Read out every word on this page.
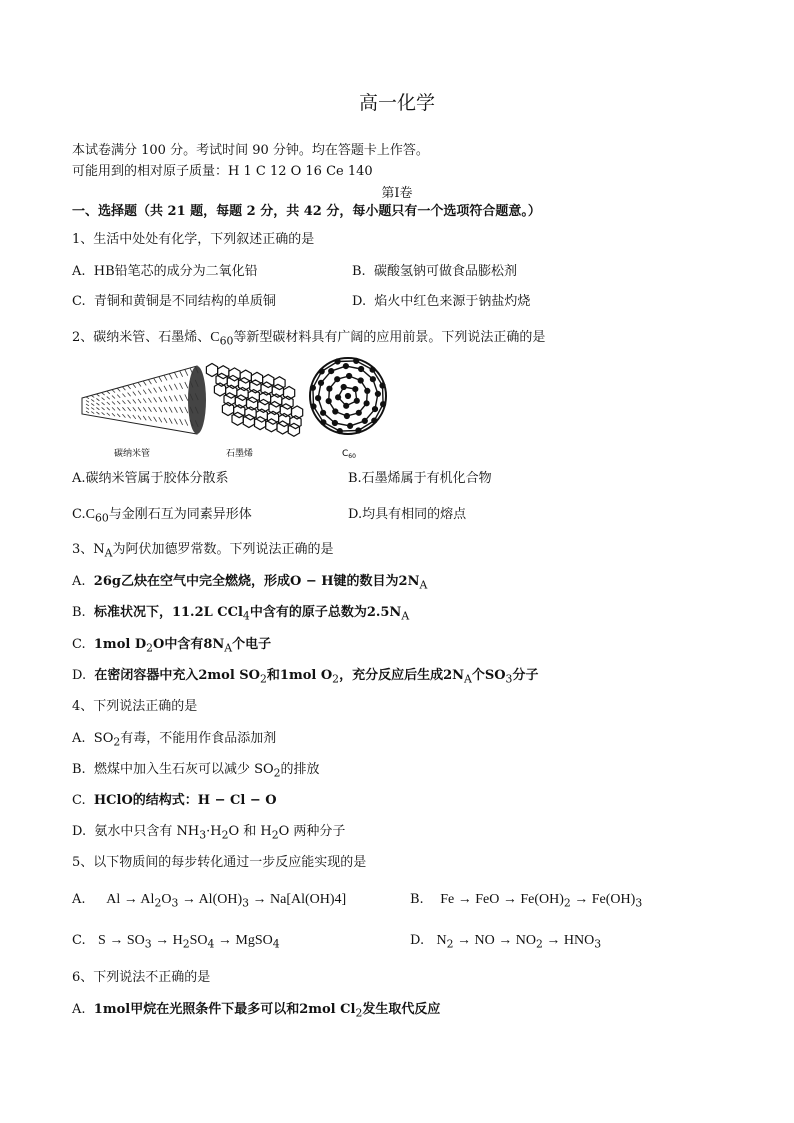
高一化学
本试卷满分 100 分。考试时间 90 分钟。均在答题卡上作答。
可能用到的相对原子质量：H 1 C 12 O 16 Ce 140
第Ⅰ卷
一、选择题（共 21 题，每题 2 分，共 42 分，每小题只有一个选项符合题意。）
1、生活中处处有化学，下列叙述正确的是
A. HB铅笔芯的成分为二氧化铅	B. 碳酸氢钠可做食品膨松剂
C. 青铜和黄铜是不同结构的单质铜	D. 焰火中红色来源于钠盐灼烧
2、碳纳米管、石墨烯、$C_{60}$等新型碳材料具有广阔的应用前景。下列说法正确的是
碳纳米管	石墨烯	$C_{60}$
A.碳纳米管属于胶体分散系	B.石墨烯属于有机化合物
$C.C_{60}$与金刚石互为同素异形体	D.均具有相同的熔点
3、$N_A$为阿伏加德罗常数。下列说法正确的是
A. 26g乙炔在空气中完全燃烧，形成O − H键的数目为$2N_A$
B. 标准状况下，11.2L CCl$_4$中含有的原子总数为$2.5N_A$
C. 1mol $D_2O$中含有$8N_A$个电子
D. 在密闭容器中充入2mol $SO_2$和1mol $O_2$，充分反应后生成$2N_A$个$SO_3$分子
4、下列说法正确的是
A. $SO_2$有毒，不能用作食品添加剂
B. 燃煤中加入生石灰可以减少 $SO_2$的排放
C. HClO的结构式：H − Cl − O
D. 氨水中只含有 $NH_3\cdot H_2O$ 和 $H_2O$ 两种分子
5、以下物质间的每步转化通过一步反应能实现的是
A. $Al \to Al_2O_3 \to Al(OH)_3 \to Na[Al(OH)4]$	B. Fe → FeO → $Fe(OH)_2 \to Fe(OH)_3$
C. $S \to SO_3 \to H_2SO_4$ → MgSO$_4$	D. $N_2$ → NO → $NO_2 \to HNO_3$
6、下列说法不正确的是
A. 1mol甲烷在光照条件下最多可以和2mol $Cl_2$发生取代反应
